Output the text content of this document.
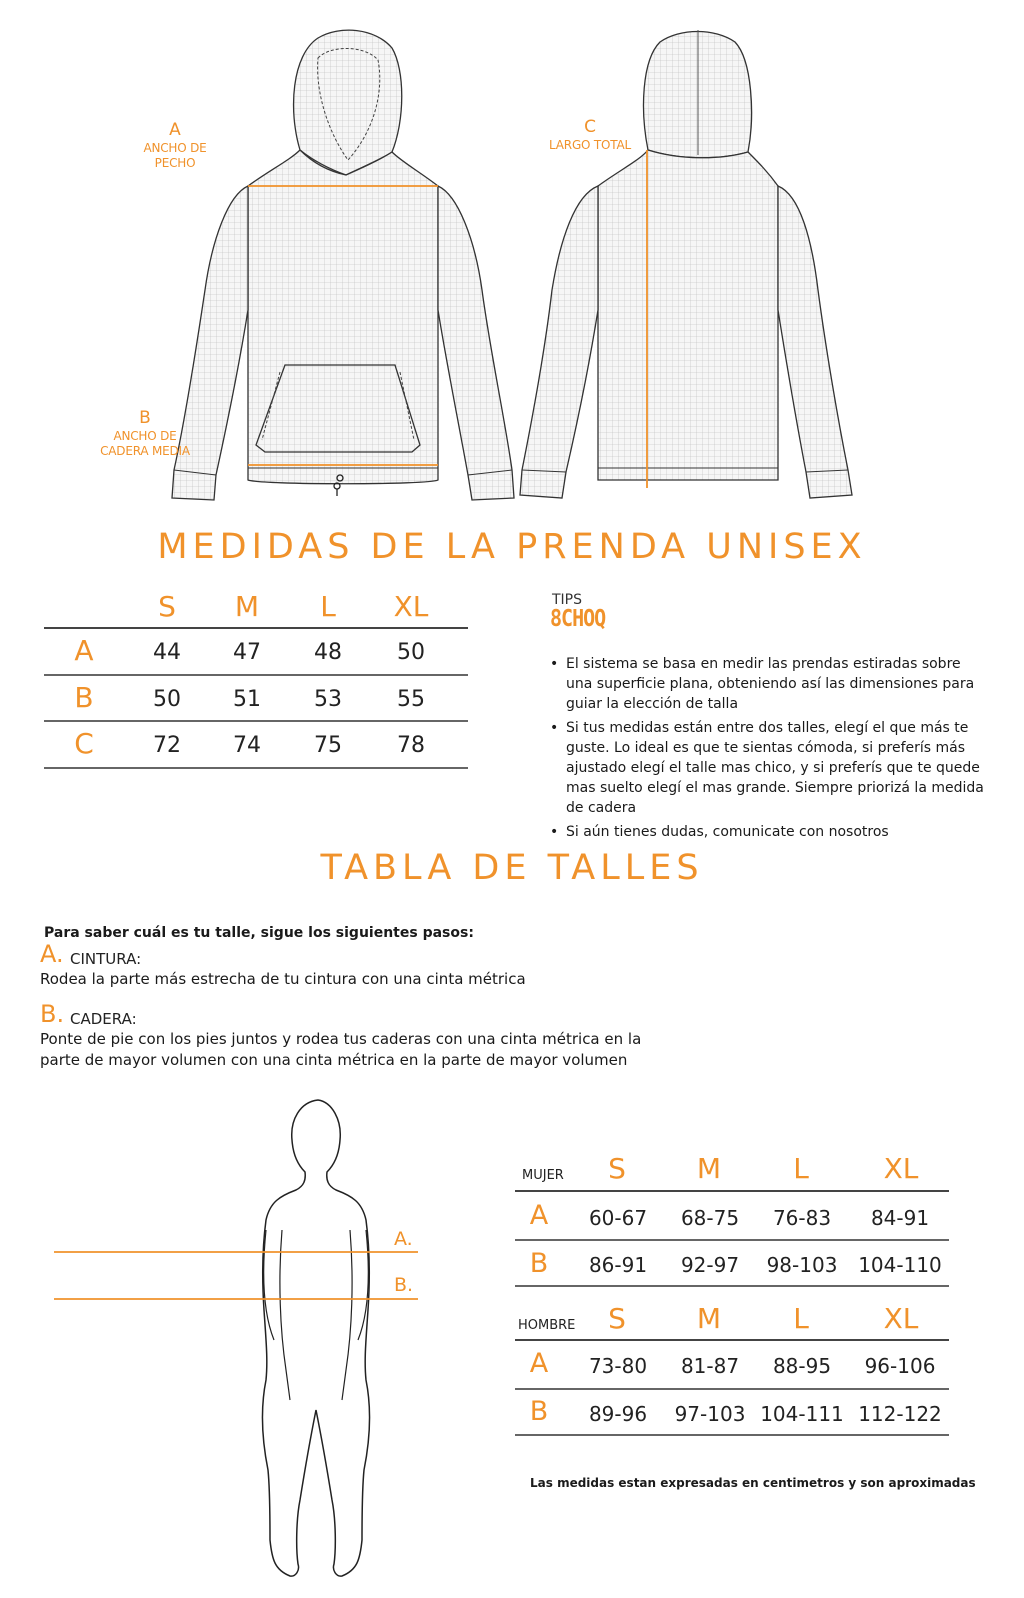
A
ANCHO DE
PECHO
B
ANCHO DE
CADERA MEDIA
C
LARGO TOTAL
MEDIDAS DE LA PRENDA UNISEX
S	M	L	XL
A	44	47	48	50
B	50	51	53	55
C	72	74	75	78
TIPS
8CHOQ
• El sistema se basa en medir las prendas estiradas sobre una superficie plana, obteniendo así las dimensiones para guiar la elección de talla
• Si tus medidas están entre dos talles, elegí el que más te guste. Lo ideal es que te sientas cómoda, si preferís más ajustado elegí el talle mas chico, y si preferís que te quede mas suelto elegí el mas grande. Siempre priorizá la medida de cadera
• Si aún tienes dudas, comunicate con nosotros
TABLA DE TALLES
Para saber cuál es tu talle, sigue los siguientes pasos:
A. CINTURA:
Rodea la parte más estrecha de tu cintura con una cinta métrica
B. CADERA:
Ponte de pie con los pies juntos y rodea tus caderas con una cinta métrica en la
parte de mayor volumen con una cinta métrica en la parte de mayor volumen
A.
B.
MUJER	S	M	L	XL
A	60-67	68-75	76-83	84-91
B	86-91	92-97	98-103	104-110
HOMBRE	S	M	L	XL
A	73-80	81-87	88-95	96-106
B	89-96	97-103 104-111 112-122
Las medidas estan expresadas en centimetros y son aproximadas
